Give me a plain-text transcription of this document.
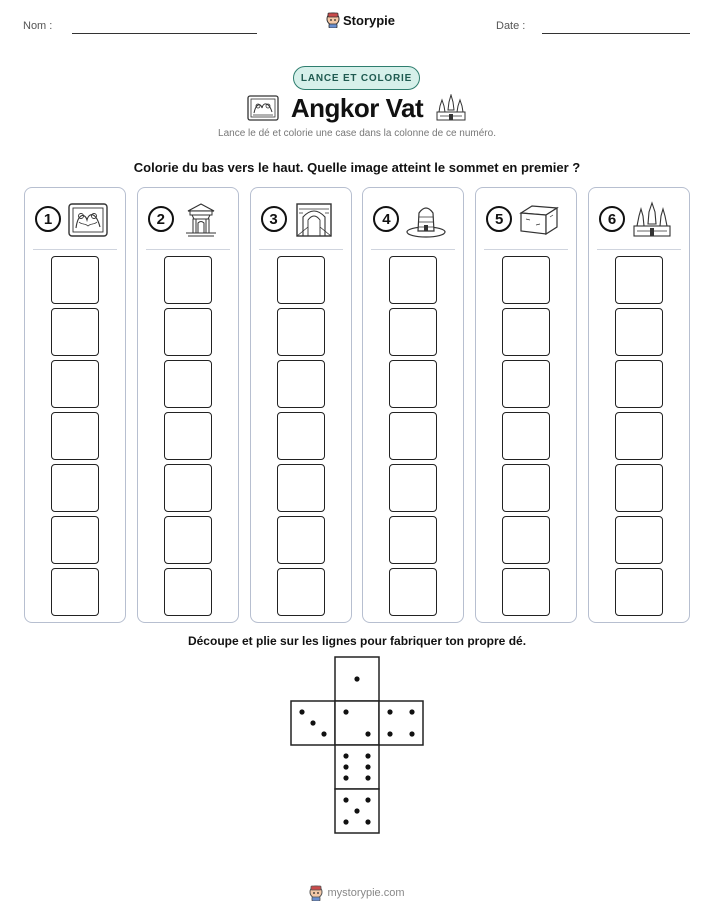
Nom :	Storypie	Date :
LANCE ET COLORIE
Angkor Vat
Lance le dé et colorie une case dans la colonne de ce numéro.
Colorie du bas vers le haut. Quelle image atteint le sommet en premier ?
1	2	3	4	5	6
Découpe et plie sur les lignes pour fabriquer ton propre dé.
mystorypie.com
